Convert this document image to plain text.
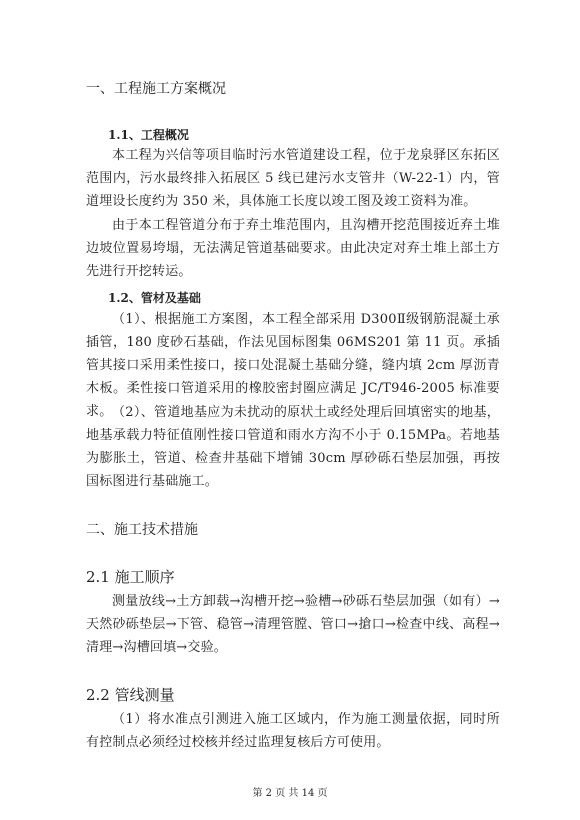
一、工程施工方案概况
1.1、工程概况

本工程为兴信等项目临时污水管道建设工程，位于龙泉驿区东拓区范围内，污水最终排入拓展区 5 线已建污水支管井（W-22-1）内，管道埋设长度约为 350 米，具体施工长度以竣工图及竣工资料为准。

由于本工程管道分布于弃土堆范围内，且沟槽开挖范围接近弃土堆边坡位置易垮塌，无法满足管道基础要求。由此决定对弃土堆上部土方先进行开挖转运。

1.2、管材及基础

（1）、根据施工方案图，本工程全部采用 D300Ⅱ级钢筋混凝土承插管，180 度砂石基础，作法见国标图集 06MS201 第 11 页。承插管其接口采用柔性接口，接口处混凝土基础分缝，缝内填 2cm 厚沥青木板。柔性接口管道采用的橡胶密封圈应满足 JC/T946-2005 标准要求。 （2）、管道地基应为未扰动的原状土或经处理后回填密实的地基，地基承载力特征值刚性接口管道和雨水方沟不小于 0.15MPa。若地基为膨胀土，管道、检查井基础下增铺 30cm 厚砂砾石垫层加强，再按国标图进行基础施工。

二、施工技术措施
2.1 施工顺序

测量放线→土方卸载→沟槽开挖→验槽→砂砾石垫层加强（如有）→天然砂砾垫层→下管、稳管→清理管膛、管口→搶口→检查中线、高程→清理→沟槽回填→交验。

2.2 管线测量

（1）将水准点引测进入施工区域内，作为施工测量依据，同时所有控制点必须经过校核并经过监理复核后方可使用。

第 2 页 共 14 页
